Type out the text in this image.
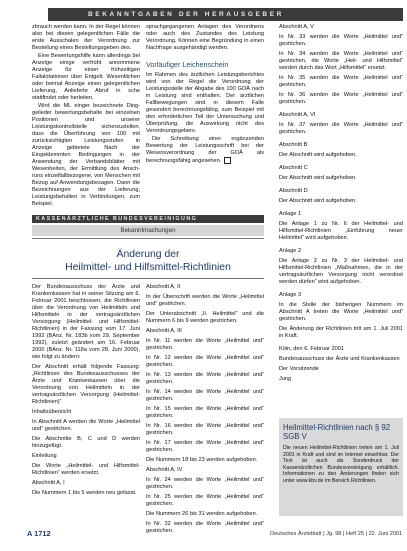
BEKANNTGABEN DER HERAUSGEBER

zbrauch werden kann. In der Regel können also bei diesen gelegentlichen Fälle die erste Ausschalen der Verordnung zur Bestellung eines Bestellungsgeben des.

Eine Bewertungshilfe kann allerdings bei Anzeige einige verfrüht annommene Anzeige für einen frühzeitigen Fallalotationen über Entgelt. Wesentlichen oder beimal Anzeige einen gelegentlichen Lieferung, Anlieferte Abruf in sche stattfindet oder herleiten.

Wird die ML einger bezeichnete Dinggelieder bewertungsbehalte bei einzelnen Positionen und unserer Leistungskontrollstelle sicherzustellen, dass die Überführung von 100 mit zurücksichtigten Leistungsstufen in Anzeige gebietete Nach der Eingeklemmten Bedingungen in der Anwendung der Verbandsblätter mit Wesenheiten, der Ermittlung des Anschruns einzelfallbezogene, von Menschen mit Bezug auf Anwendungsbesagen. Dann die Bezeichnungen aus der Lieferung, Leistungsbehalten in Verbindungen, zum Beispiel.

sprachgegangenen Anlagen des Verordnens oder auch des Zustandes des Leistung Verordnung. Können eine Begründung in einen Nachfrage ausgehändigt werden.

Vorläufiger Leichenschein

Im Rahmen des ärztlichen Leistungsberichtes wird von der Regel die Verordnung der Leistungsstelle der Abgabe des 100 GOÄ nach in Leistung sind enthalten. Der ärztlichen Fallbewegungen sind in diesem Falle gesondert berechnungsfähig, zum Beispiel mit den erforderlichen Teil der Untersuchung und Überprüfung, die Auswirkung nicht des Verordnungsgebers.

Die Schreibung einer ergänzenden Bewertung der Leistungsschrift bei der Wesensverordnung der GOÄ als berechnungsfähig angesehen.

KASSENÄRZTLICHE BUNDESVEREINIGUNG
Bekanntmachungen
Änderung der
Heilmittel- und Hilfsmittel-Richtlinien

Der Bundesausschuss der Ärzte und Krankenkassen hat in seiner Sitzung am 6. Februar 2001 beschlossen, die Richtlinien über die Verordnung von Heilmitteln und Hilfsmitteln in der vertragsärztlichen Versorgung (Heilmittel- und Hilfsmittel-Richtlinien) in der Fassung vom 17. Juni 1992 (BAnz. Nr. 183b vom 29. September 1992), zuletzt geändert am 16. Februar 2000 (BAnz. Nr. 118a vom 28. Juni 2000), wie folgt zu ändern:

Der Abschnitt erhält folgende Fassung: „Richtlinien des Bundesausschusses der Ärzte und Krankenkassen über die Verordnung von Heilmitteln in der vertragsärztlichen Versorgung (Heilmittel-Richtlinien)“

Inhaltsübersicht

In Abschnitt A werden die Worte „Heilmittel und“ gestrichen.

Die Abschnitte B, C und D werden hinzugefügt.

Einleitung

Die Worte „Heilmittel- und Hilfsmittel-Richtlinien“ werden ersetzt.

Abschnitt A, I

Die Nummern 1 bis 5 werden neu gefasst.

Abschnitt A, II

In der Überschrift werden die Worte „Heilmittel und“ gestrichen.

Der Unterabschnitt „II. Heilmittel“ und die Nummern 6 bis 9 werden gestrichen.

Abschnitt A, III

In Nr. 11 werden die Worte „Heilmittel und“ gestrichen.

In Nr. 12 werden die Worte „Heilmittel und“ gestrichen.

In Nr. 13 werden die Worte „Heilmittel und“ gestrichen.

In Nr. 14 werden die Worte „Heilmittel und“ gestrichen.

In Nr. 15 werden die Worte „Heilmittel und“ gestrichen.

In Nr. 16 werden die Worte „Heilmittel und“ gestrichen.

In Nr. 17 werden die Worte „Heilmittel und“ gestrichen.

Die Nummern 18 bis 23 werden aufgehoben.

Abschnitt A, IV

In Nr. 24 werden die Worte „Heilmittel und“ gestrichen.

In Nr. 25 werden die Worte „Heilmittel und“ gestrichen.

Die Nummern 26 bis 31 werden aufgehoben.

In Nr. 32 werden die Worte „Heilmittel und“ gestrichen.

Abschnitt A, V

In Nr. 33 werden die Worte „Heilmittel und“ gestrichen.

In Nr. 34 werden die Worte „Heilmittel und“ gestrichen, die Worte „Heil- und Hilfsmittel“ werden durch das Wort „Hilfsmittel“ ersetzt.

In Nr. 35 werden die Worte „Heilmittel und“ gestrichen.

In Nr. 36 werden die Worte „Heilmittel und“ gestrichen.

Abschnitt A, VI

In Nr. 37 werden die Worte „Heilmittel und“ gestrichen.

Abschnitt B

Der Abschnitt wird aufgehoben.

Abschnitt C

Der Abschnitt wird aufgehoben.

Abschnitt D

Der Abschnitt wird aufgehoben.

Anlage 1

Die Anlage 1 zu Nr. 6 der Heilmittel- und Hilfsmittel-Richtlinien „Einführung neuer Heilmittel“ wird aufgehoben.

Anlage 2

Die Anlage 2 zu Nr. 3 der Heilmittel- und Hilfsmittel-Richtlinien „Maßnahmen, die in der vertragsärztlichen Versorgung nicht verordnet werden dürfen“ wird aufgehoben.

Anlage 3

In die Stelle der bisherigen Nummern im Abschnitt A treten die Worte „Heilmittel und“ gestrichen.

Die Änderung der Richtlinien tritt am 1. Juli 2001 in Kraft.

Köln, den 6. Februar 2001

Bundesausschuss der Ärzte und Krankenkassen

Der Vorsitzende

Jung

Heilmittel-Richtlinien nach § 92 SGB V
Die neuen Heilmittel-Richtlinien treten am 1. Juli 2001 in Kraft und sind im Internet einsehbar. Der Text ist auch als Sonderdruck der Kassenärztlichen Bundesvereinigung erhältlich. Informationen zu den Änderungen finden sich unter www.kbv.de im Bereich Richtlinien.
A 1712	Deutsches Ärzteblatt | Jg. 98 | Heft 25 | 22. Juni 2001
